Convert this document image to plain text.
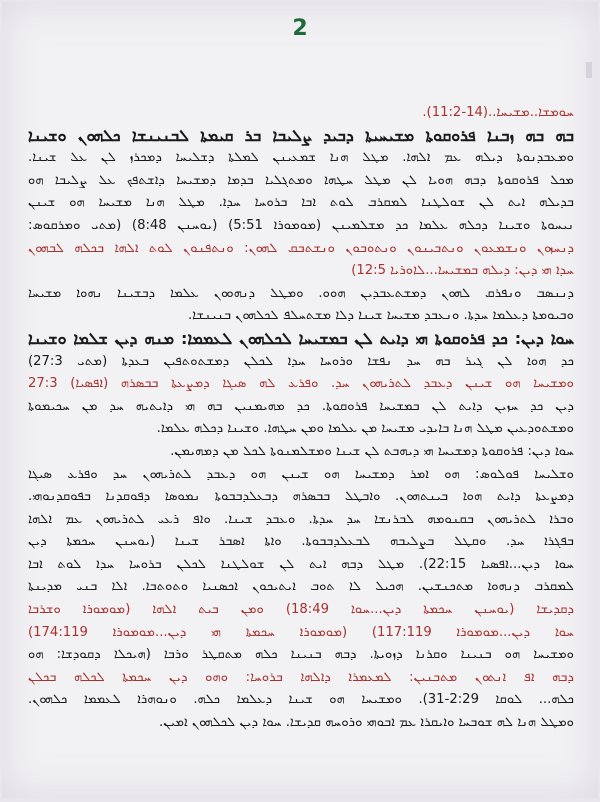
2
ܚܘܡܫܐ..ܡܫܝܚܐ..(14-11:2).
ܒܗ ܒܗ ܙܒܢܐ ܦܪܘܩܘܬܐ ܡܫܝܚܝܬܐ ܕܒܝܕ ܨܠܝܒܐ ܒܪ ܩܝܡܬܐ ܠܒܢܝܢܫܐ ܟܠܗܘܢ ܘܫܝܢܐ
ܘܡܥܒܕܢܘܬܐ ܕܝܠܗ ܥܡ ܐܠܗܐ. ܡܛܠ ܗܢܐ ܫܡܥܝܢܢ ܠܡܠܬܐ ܕܫܠܝܚܐ ܕܡܟܪܙ ܠܢ ܥܠ ܫܝܢܐ.
ܡܟܠ ܦܪܘܩܘܬܐ ܕܒܗ ܗܘܝܐ ܠܢ ܡܛܠ ܚܛܗܐ ܘܡܬܓܠܝܐ ܒܕܡܐ ܕܡܫܝܚܐ ܕܐܫܬܦܟ ܥܠ ܨܠܝܒܐ ܗܘ
ܒܕܝܠܗ ܐܝܬ ܠܢ ܫܘܠܛܢܐ ܠܡܩܪܒ ܠܘܬ ܐܒܐ ܒܪܘܚܐ ܚܕܐ. ܡܛܠ ܗܢܐ ܡܫܝܚܐ ܗܘ ܫܝܢܢ
ܢܝܚܘܬܐ ܘܫܝܢܐ ܕܟܠܗ ܥܠܡܐ ܟܕ ܡܫܠܡܝܢܢ (ܡܘܡܘܪܐ 5:51) (ܝܘܚܢܢ 8:48) (ܡܬܝ ܘܡܪܩܘܣ:
ܕܢܚܙܘܢ ܘܢܫܡܥܘܢ ܘܢܬܒܝܢܘܢ ܘܢܬܘܒܘܢ ܘܢܫܬܒܩ ܠܗܘܢ: ܘܢܬܦܢܘܢ ܠܘܬ ܐܠܗܐ ܒܟܠܗ ܠܒܗܘܢ
ܚܕܐ ܗܝ ܕܝܢ: ܕܝܠܗ ܒܡܫܝܚܐ...ܠܐܘܪܝܐ 12:5)
ܕܢܢܣܒ ܘܢܦܪܩ ܠܗܘܢ ܕܡܫܬܥܒܕܝܢ ܗܘܘ. ܘܡܛܠ ܕܢܗܘܘܢ ܥܠܡܐ ܕܒܫܝܢܐ ܢܗܘܐ ܡܫܝܚܐ
ܘܒܝܘܡܬܐ ܕܥܠܡܐ ܚܕܬܐ. ܘܢܥܒܕ ܡܫܝܚܐ ܫܝܢܐ ܕܠܐ ܡܫܬܚܠܦ ܠܟܠܗܘܢ ܒܢܝܢܫܐ.
ܚܘܐ ܕܝܢ: ܟܕ ܦܪܘܩܘܬܐ ܗܝ ܕܐܝܬ ܠܢ ܒܡܫܝܚܐ ܠܟܠܗܘܢ ܠܥܡܡܐ: ܡܢܗ ܕܝܢ ܫܠܡܐ ܘܫܝܢܐ
ܟܕ ܗܘܐ ܠܢ ܓܝܪ ܒܗ ܚܕ ܢܦܫܐ ܘܪܘܚܐ ܚܕܐ ܠܟܠܢ ܕܡܫܬܘܬܦܝܢ ܒܥܕܬܐ (ܡܬܝ 27:3)
ܘܡܫܝܚܐ ܗܘ ܫܝܢܢ ܕܥܒܕ ܠܬܪܝܗܘܢ ܚܕ. ܘܦܪܥ ܠܗ ܣܝܓܐ ܕܡܨܥܬܐ ܒܒܣܪܗ (ܐܦܣܝܐ) 27:3
ܕܝܢ ܟܕ ܚܙܝܢ ܕܐܝܬ ܠܢ ܒܡܫܝܚܐ ܦܪܘܩܘܬܐ. ܟܕ ܡܗܝܡܢܝܢ ܒܗ ܗܝ ܕܐܝܬܝܗ ܚܕ ܡܢ ܚܟܝܡܘܬܐ
ܘܡܫܬܘܕܥܝܢ ܡܛܠ ܗܢܐ ܒܐܝܕܝ ܡܫܝܚܐ ܡܢ ܥܠܡܐ ܘܡܢ ܚܛܗܐ. ܘܫܝܢܐ ܕܟܠܗ ܥܠܡܐ.
ܚܘܐ ܕܝܢ: ܦܪܘܩܘܬܐ ܕܡܫܝܚܐ ܗܝ ܕܝܗܒܬ ܠܢ ܫܝܢܐ ܘܡܫܠܡܢܘܬܐ ܠܟܠ ܡܢ ܕܡܗܝܡܢ.
ܘܫܠܝܚܐ ܦܘܠܘܣ: ܗܘ ܐܡܪ ܕܡܫܝܚܐ ܗܘ ܫܝܢܢ ܗܘ ܕܥܒܕ ܠܬܪܝܗܘܢ ܚܕ ܘܦܪܥ ܣܝܓܐ
ܕܡܨܥܬܐ ܕܐܝܬ ܗܘܐ ܒܝܢܬܗܘܢ. ܘܐܒܛܠ ܒܒܣܪܗ ܕܒܥܠܕܒܒܘܬܐ ܢܡܘܣܐ ܕܦܘܩܕܢܐ ܒܦܘܩܕܢܘܗܝ.
ܘܒܪܐ ܠܬܪܝܗܘܢ ܒܩܢܘܡܗ ܠܒܪܢܫܐ ܚܕ ܚܕܬܐ. ܘܥܒܕ ܫܝܢܐ. ܘܐܦ ܪܥܝ ܠܬܪܝܗܘܢ ܥܡ ܐܠܗܐ
ܒܦܓܪܐ ܚܕ. ܘܩܛܠ ܒܨܠܝܒܗ ܠܒܥܠܕܒܒܘܬܐ. ܘܐܬܐ ܐܣܒܪ ܫܝܢܐ (ܝܘܚܢܢ ܚܟܡܬܐ ܕܝܢ
ܚܘܐ ܕܝܢ...ܐܦܣܝܐ 22:15). ܡܛܠ ܕܒܗ ܐܝܬ ܠܢ ܫܘܠܛܢܐ ܠܟܠܢ ܒܪܘܚܐ ܚܕܐ ܠܘܬ ܐܒܐ
ܠܡܩܪܒ ܕܢܗܘܐ ܡܬܟܢܫܝܢ. ܗܟܝܠ ܠܐ ܬܘܒ ܐܝܬܝܟܘܢ ܐܟܣܢܝܐ ܘܬܘܬܒܐ. ܐܠܐ ܒܢܝ ܡܕܝܢܬܐ
ܕܩܕܝܫܐ (ܝܘܚܢܢ ܚܟܡܬܐ ܕܝܢ...ܚܘܐ 18:49) ܘܡܢ ܒܝܬ ܐܠܗܐ (ܡܘܡܘܪܐ ܘܫܪܒܐ
ܚܘܐ ܕܝܢ...ܡܘܡܘܪܐ 117:119) (ܡܘܡܘܪܐ ܚܟܡܬܐ ܗܝ ܕܝܢ...ܡܘܡܘܪܐ 174:119)
ܘܡܫܝܚܐ ܗܘ ܒܢܝܢܐ ܘܩܪܢܐ ܕܙܘܝܬܐ. ܕܒܗ ܒܢܝܢܐ ܟܠܗ ܡܬܩܛܪ ܘܪܒܐ (ܗܝܟܠܐ ܕܩܘܕܫܐ: ܗܘ
ܕܒܗ ܐܦ ܐܢܬܘܢ ܡܬܒܢܝܢ: ܠܡܥܡܪܐ ܕܐܠܗܐ ܒܪܘܚܐ: ܘܗܘ ܕܝܢ ܚܟܡܬܐ ܠܟܠܗ ܒܟܠܢ
ܟܠܗ... ܠܘܩܐ 2:29-31). ܘܡܫܝܚܐ ܗܘ ܫܝܢܐ ܕܥܠܡܐ ܟܠܗ. ܘܢܘܗܪܐ ܠܥܡܡܐ ܟܠܗܘܢ.
ܘܡܛܠ ܗܢܐ ܠܗ ܫܘܒܚܐ ܘܐܝܩܪܐ ܥܡ ܐܒܘܗܝ ܘܪܘܚܗ ܩܕܝܫܐ. ܚܘܐ ܕܝܢ ܠܟܠܗܘܢ ܐܡܝܢ.
